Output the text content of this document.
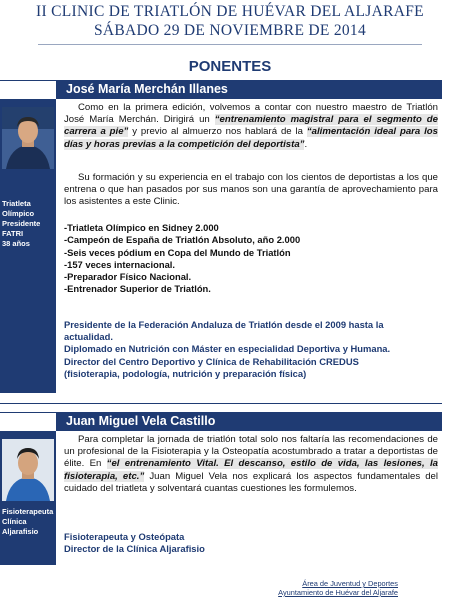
II CLINIC DE TRIATLÓN DE HUÉVAR DEL ALJARAFE
SÁBADO 29 DE NOVIEMBRE DE 2014
PONENTES
José María Merchán Illanes
Triatleta
Olímpico
Presidente
FATRI
38 años

Como en la primera edición, volvemos a contar con nuestro maestro de Triatlón José María Merchán. Dirigirá un “entrenamiento magistral para el segmento de carrera a pie” y previo al almuerzo nos hablará de la “alimentación ideal para los días y horas previas a la competición del deportista”.

Su formación y su experiencia en el trabajo con los cientos de deportistas a los que entrena o que han pasados por sus manos son una garantía de aprovechamiento para los asistentes a este Clinic.

-Triatleta Olímpico en Sidney 2.000
-Campeón de España de Triatlón Absoluto, año 2.000
-Seis veces pódium en Copa del Mundo de Triatlón
-157 veces internacional.
-Preparador Físico Nacional.
-Entrenador Superior de Triatlón.
Presidente de la Federación Andaluza de Triatlón desde el 2009 hasta la
actualidad.
Diplomado en Nutrición con Máster en especialidad Deportiva y Humana.
Director del Centro Deportivo y Clínica de Rehabilitación CREDUS
(fisioterapia, podología, nutrición y preparación física)
Juan Miguel Vela Castillo
Fisioterapeuta
Clínica
Aljarafisio

Para completar la jornada de triatlón total solo nos faltaría las recomendaciones de un profesional de la Fisioterapia y la Osteopatía acostumbrado a tratar a deportistas de élite. En “el entrenamiento Vital. El descanso, estilo de vida, las lesiones, la fisioterapia, etc.” Juan Miguel Vela nos explicará los aspectos fundamentales del cuidado del triatleta y solventará cuantas cuestiones les formulemos.

Fisioterapeuta y Osteópata
Director de la Clínica Aljarafisio
Área de Juventud y Deportes
Ayuntamiento de Huévar del Aljarafe
